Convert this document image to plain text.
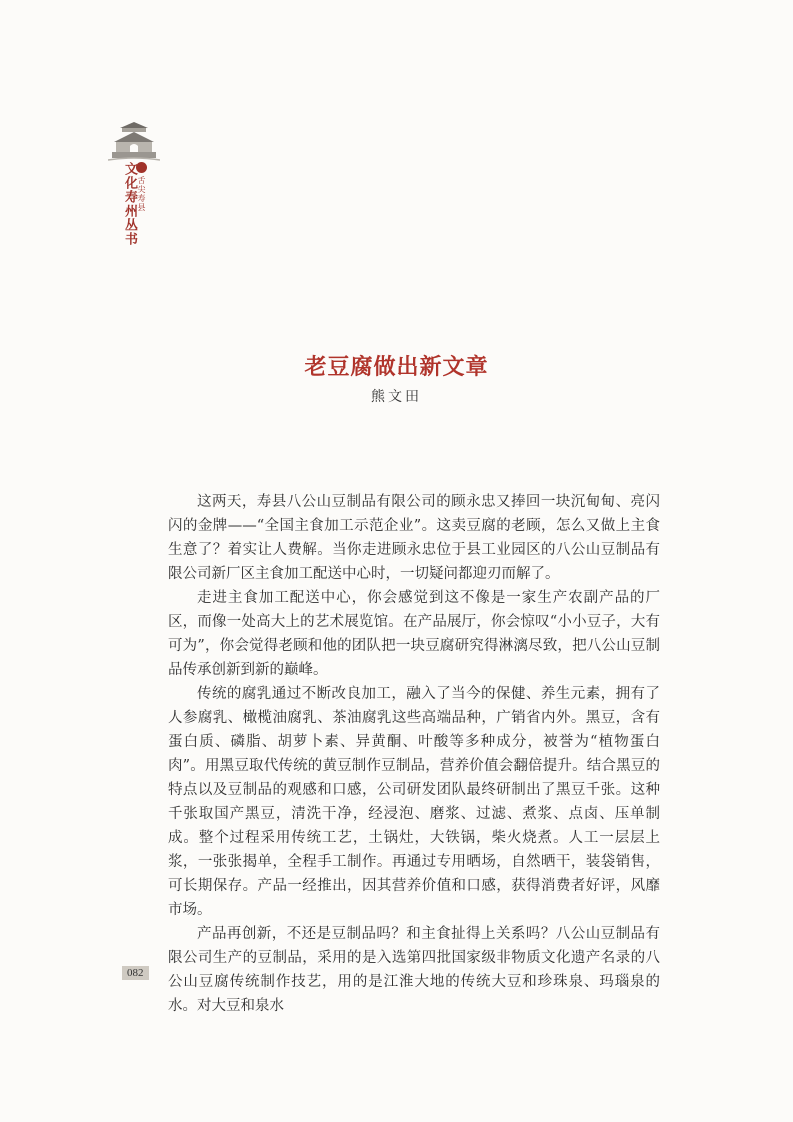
文化寿州丛书 舌尖寿县
老豆腐做出新文章
熊文田

这两天，寿县八公山豆制品有限公司的顾永忠又捧回一块沉甸甸、亮闪闪的金牌——“全国主食加工示范企业”。这卖豆腐的老顾，怎么又做上主食生意了？着实让人费解。当你走进顾永忠位于县工业园区的八公山豆制品有限公司新厂区主食加工配送中心时，一切疑问都迎刃而解了。

走进主食加工配送中心，你会感觉到这不像是一家生产农副产品的厂区，而像一处高大上的艺术展览馆。在产品展厅，你会惊叹“小小豆子，大有可为”，你会觉得老顾和他的团队把一块豆腐研究得淋漓尽致，把八公山豆制品传承创新到新的巅峰。

传统的腐乳通过不断改良加工，融入了当今的保健、养生元素，拥有了人参腐乳、橄榄油腐乳、茶油腐乳这些高端品种，广销省内外。黑豆，含有蛋白质、磷脂、胡萝卜素、异黄酮、叶酸等多种成分，被誉为“植物蛋白肉”。用黑豆取代传统的黄豆制作豆制品，营养价值会翻倍提升。结合黑豆的特点以及豆制品的观感和口感，公司研发团队最终研制出了黑豆千张。这种千张取国产黑豆，清洗干净，经浸泡、磨浆、过滤、煮浆、点卤、压单制成。整个过程采用传统工艺，土锅灶，大铁锅，柴火烧煮。人工一层层上浆，一张张揭单，全程手工制作。再通过专用晒场，自然晒干，装袋销售，可长期保存。产品一经推出，因其营养价值和口感，获得消费者好评，风靡市场。

产品再创新，不还是豆制品吗？和主食扯得上关系吗？八公山豆制品有限公司生产的豆制品，采用的是入选第四批国家级非物质文化遗产名录的八公山豆腐传统制作技艺，用的是江淮大地的传统大豆和珍珠泉、玛瑙泉的水。对大豆和泉水

082
